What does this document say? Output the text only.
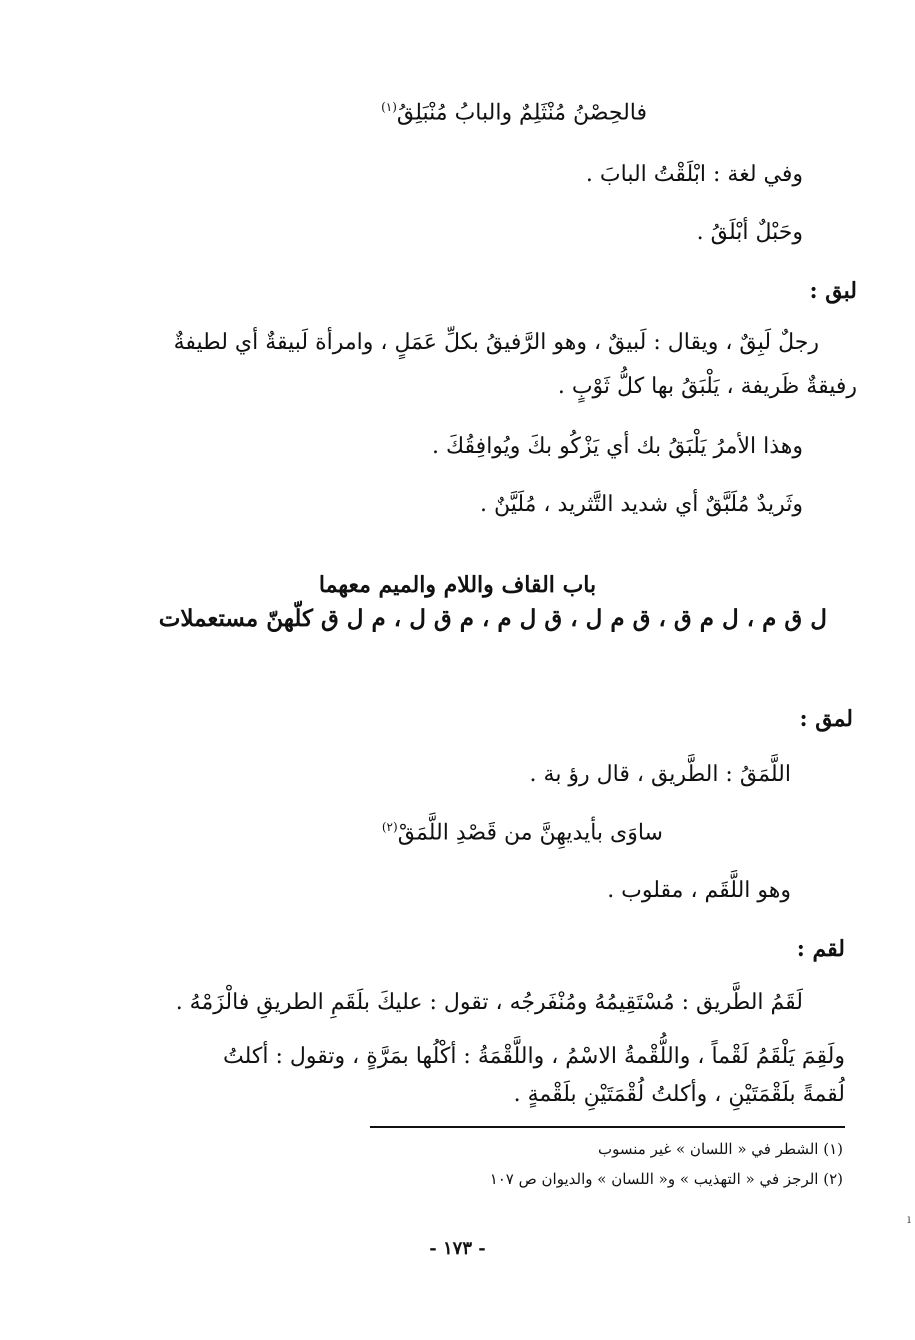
فالحِصْنُ مُنْثَلِمٌ والبابُ مُنْبَلِقُ$^{(١)}$
وفي لغة : ابْلَقْتُ البابَ .
وحَبْلٌ أبْلَقُ .
لبق :
رجلٌ لَبِقٌ ، ويقال : لَبيقٌ ، وهو الرَّفيقُ بكلِّ عَمَلٍ ، وامرأة لَبيقةٌ أي لطيفةٌ
رفيقةٌ ظَريفة ، يَلْبَقُ بها كلُّ ثَوْبٍ .
وهذا الأمرُ يَلْبَقُ بك أي يَزْكُو بكَ ويُوافِقُكَ .
وثَريدٌ مُلَبَّقٌ أي شديد التَّثريد ، مُلَيَّنٌ .
باب القاف واللام والميم معهما
ل ق م ، ل م ق ، ق م ل ، ق ل م ، م ق ل ، م ل ق كلّهنّ مستعملات
لمق :
اللَّمَقُ : الطَّريق ، قال رؤ بة .
ساوَى بأيديهِنَّ من قَصْدِ اللَّمَقْ$^{(٢)}$
وهو اللَّقَم ، مقلوب .
لقم :
لَقَمُ الطَّريق : مُسْتَقِيمُهُ ومُنْفَرجُه ، تقول : عليكَ بلَقَمِ الطريقِ فالْزَمْهُ .
ولَقِمَ يَلْقَمُ لَقْماً ، واللُّقْمةُ الاسْمُ ، واللَّقْمَةُ : أكْلُها بمَرَّةٍ ، وتقول : أكلتُ
لُقمةً بلَقْمَتَيْنِ ، وأكلتُ لُقْمَتَيْنِ بلَقْمةٍ .
(١) الشطر في « اللسان » غير منسوب
(٢) الرجز في « التهذيب » و« اللسان » والديوان ص ١٠٧
- ١٧٣ -
ı
